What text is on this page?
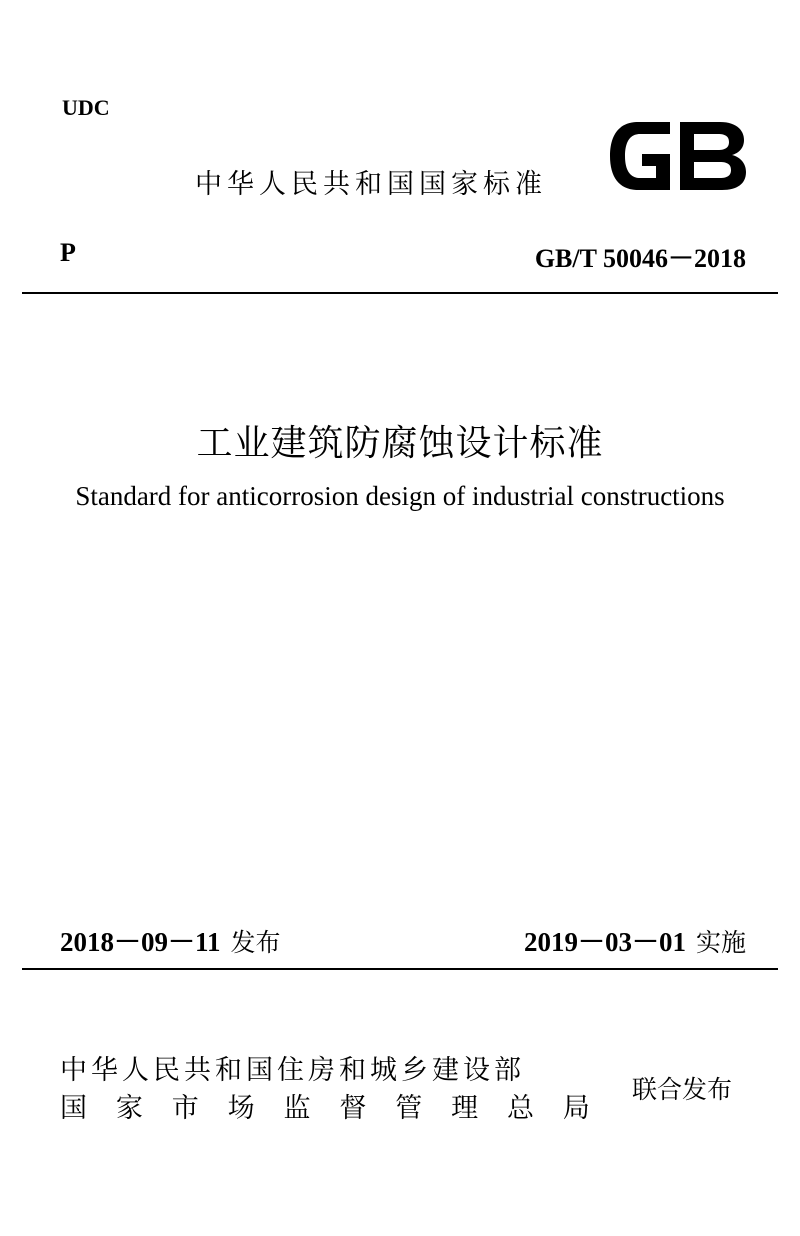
UDC
中华人民共和国国家标准
P	GB/T 50046－2018
工业建筑防腐蚀设计标准
Standard for anticorrosion design of industrial constructions
2018－09－11 发布	2019－03－01 实施
中华人民共和国住房和城乡建设部
国 家 市 场 监 督 管 理 总 局
联合发布
